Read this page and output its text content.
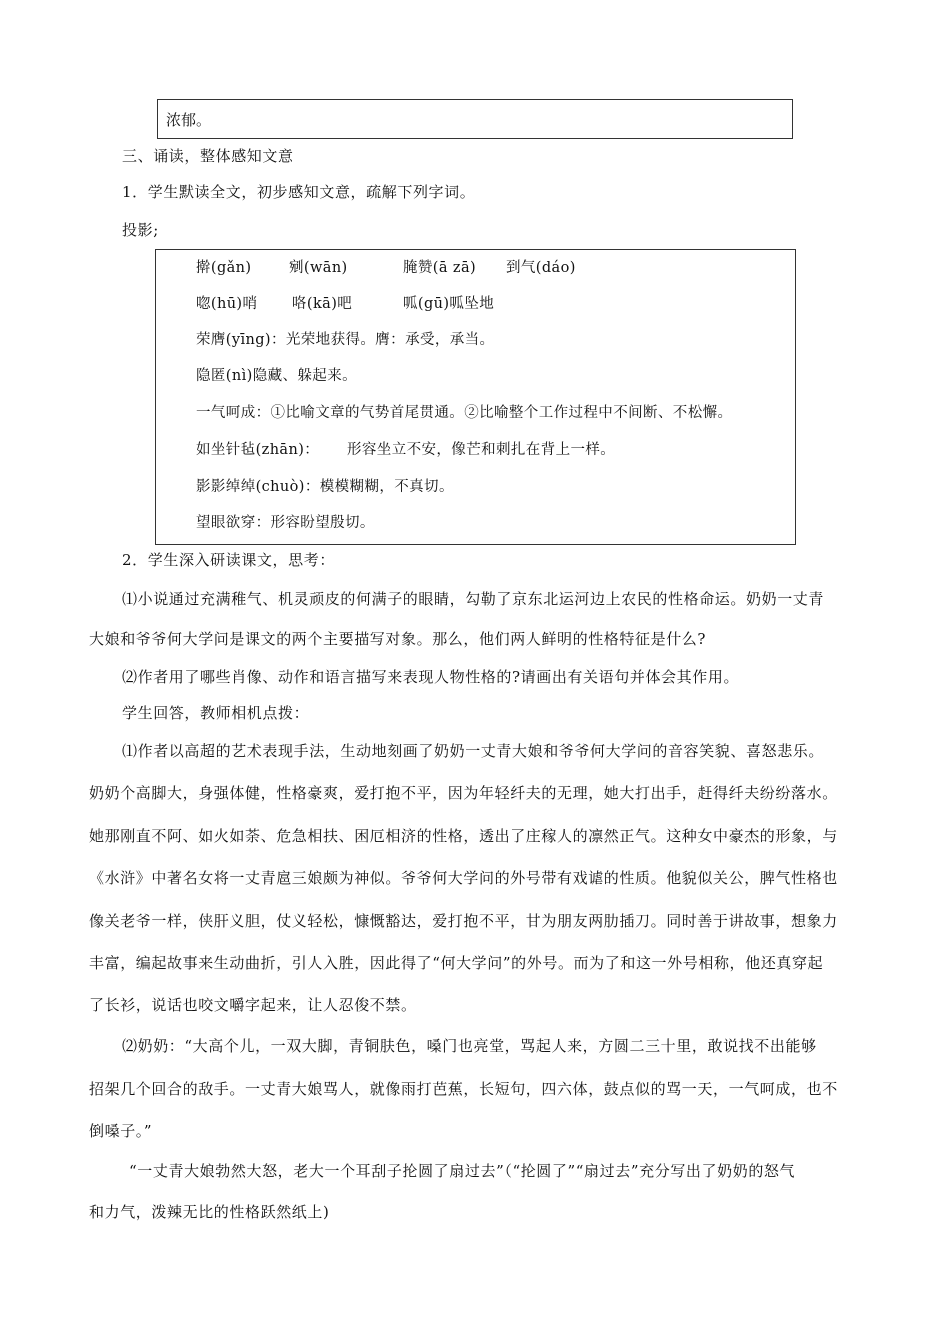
浓郁。
三、诵读，整体感知文意
1．学生默读全文，初步感知文意，疏解下列字词。
投影;
擀(gǎn)	剜(wān)	腌赞(ā zā) 到气(dáo)
唿(hū)哨 咯(kā)吧	呱(gū)呱坠地
荣膺(yīng)：光荣地获得。膺：承受，承当。
隐匿(nì)隐藏、躲起来。
一气呵成：①比喻文章的气势首尾贯通。②比喻整个工作过程中不间断、不松懈。
如坐针毡(zhān)： 形容坐立不安，像芒和刺扎在背上一样。
影影绰绰(chuò)：模模糊糊，不真切。
望眼欲穿：形容盼望殷切。
2．学生深入研读课文，思考：
⑴小说通过充满稚气、机灵顽皮的何满子的眼睛，勾勒了京东北运河边上农民的性格命运。奶奶一丈青
大娘和爷爷何大学问是课文的两个主要描写对象。那么，他们两人鲜明的性格特征是什么?
⑵作者用了哪些肖像、动作和语言描写来表现人物性格的?请画出有关语句并体会其作用。
学生回答，教师相机点拨：
⑴作者以高超的艺术表现手法，生动地刻画了奶奶一丈青大娘和爷爷何大学问的音容笑貌、喜怒悲乐。
奶奶个高脚大，身强体健，性格豪爽，爱打抱不平，因为年轻纤夫的无理，她大打出手，赶得纤夫纷纷落水。
她那刚直不阿、如火如荼、危急相扶、困厄相济的性格，透出了庄稼人的凛然正气。这种女中豪杰的形象，与
《水浒》中著名女将一丈青扈三娘颇为神似。爷爷何大学问的外号带有戏谑的性质。他貌似关公，脾气性格也
像关老爷一样，侠肝义胆，仗义轻松，慷慨豁达，爱打抱不平，甘为朋友两肋插刀。同时善于讲故事，想象力
丰富，编起故事来生动曲折，引人入胜，因此得了“何大学问”的外号。而为了和这一外号相称，他还真穿起
了长衫，说话也咬文嚼字起来，让人忍俊不禁。
⑵奶奶：“大高个儿，一双大脚，青铜肤色，嗓门也亮堂，骂起人来，方圆二三十里，敢说找不出能够
招架几个回合的敌手。一丈青大娘骂人，就像雨打芭蕉，长短句，四六体，鼓点似的骂一天，一气呵成，也不
倒嗓子。”
“一丈青大娘勃然大怒，老大一个耳刮子抡圆了扇过去”（“抡圆了”“扇过去”充分写出了奶奶的怒气
和力气，泼辣无比的性格跃然纸上)
